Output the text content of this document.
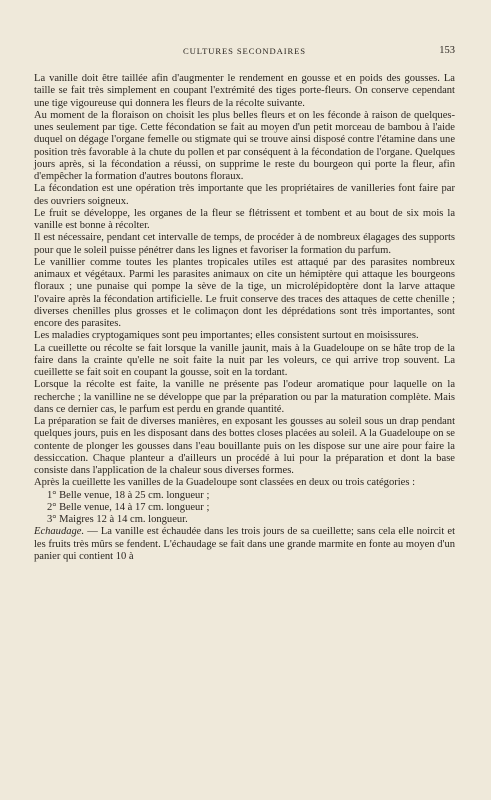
CULTURES SECONDAIRES	153

La vanille doit être taillée afin d'augmenter le rendement en gousse et en poids des gousses. La taille se fait très simplement en coupant l'extrémité des tiges porte-fleurs. On conserve cependant une tige vigoureuse qui donnera les fleurs de la récolte suivante.

Au moment de la floraison on choisit les plus belles fleurs et on les féconde à raison de quelques-unes seulement par tige. Cette fécondation se fait au moyen d'un petit morceau de bambou à l'aide duquel on dégage l'organe femelle ou stigmate qui se trouve ainsi disposé contre l'étamine dans une position très favorable à la chute du pollen et par conséquent à la fécondation de l'organe. Quelques jours après, si la fécondation a réussi, on supprime le reste du bourgeon qui porte la fleur, afin d'empêcher la formation d'autres boutons floraux.

La fécondation est une opération très importante que les propriétaires de vanilleries font faire par des ouvriers soigneux.

Le fruit se développe, les organes de la fleur se flétrissent et tombent et au bout de six mois la vanille est bonne à récolter.

Il est nécessaire, pendant cet intervalle de temps, de procéder à de nombreux élagages des supports pour que le soleil puisse pénétrer dans les lignes et favoriser la formation du parfum.

Le vanillier comme toutes les plantes tropicales utiles est attaqué par des parasites nombreux animaux et végétaux. Parmi les parasites animaux on cite un hémiptère qui attaque les bourgeons floraux ; une punaise qui pompe la sève de la tige, un microlépidoptère dont la larve attaque l'ovaire après la fécondation artificielle. Le fruit conserve des traces des attaques de cette chenille ; diverses chenilles plus grosses et le colimaçon dont les déprédations sont très importantes, sont encore des parasites.

Les maladies cryptogamiques sont peu importantes; elles consistent surtout en moisissures.

La cueillette ou récolte se fait lorsque la vanille jaunit, mais à la Guadeloupe on se hâte trop de la faire dans la crainte qu'elle ne soit faite la nuit par les voleurs, ce qui arrive trop souvent. La cueillette se fait soit en coupant la gousse, soit en la tordant.

Lorsque la récolte est faite, la vanille ne présente pas l'odeur aromatique pour laquelle on la recherche ; la vanilline ne se développe que par la préparation ou par la maturation complète. Mais dans ce dernier cas, le parfum est perdu en grande quantité.

La préparation se fait de diverses manières, en exposant les gousses au soleil sous un drap pendant quelques jours, puis en les disposant dans des bottes closes placées au soleil. A la Guadeloupe on se contente de plonger les gousses dans l'eau bouillante puis on les dispose sur une aire pour faire la dessiccation. Chaque planteur a d'ailleurs un procédé à lui pour la préparation et dont la base consiste dans l'application de la chaleur sous diverses formes.

Après la cueillette les vanilles de la Guadeloupe sont classées en deux ou trois catégories :

1° Belle venue, 18 à 25 cm. longueur ;
2° Belle venue, 14 à 17 cm. longueur ;
3° Maigres 12 à 14 cm. longueur.

Echaudage. — La vanille est échaudée dans les trois jours de sa cueillette; sans cela elle noircit et les fruits très mûrs se fendent. L'échaudage se fait dans une grande marmite en fonte au moyen d'un panier qui contient 10 à
